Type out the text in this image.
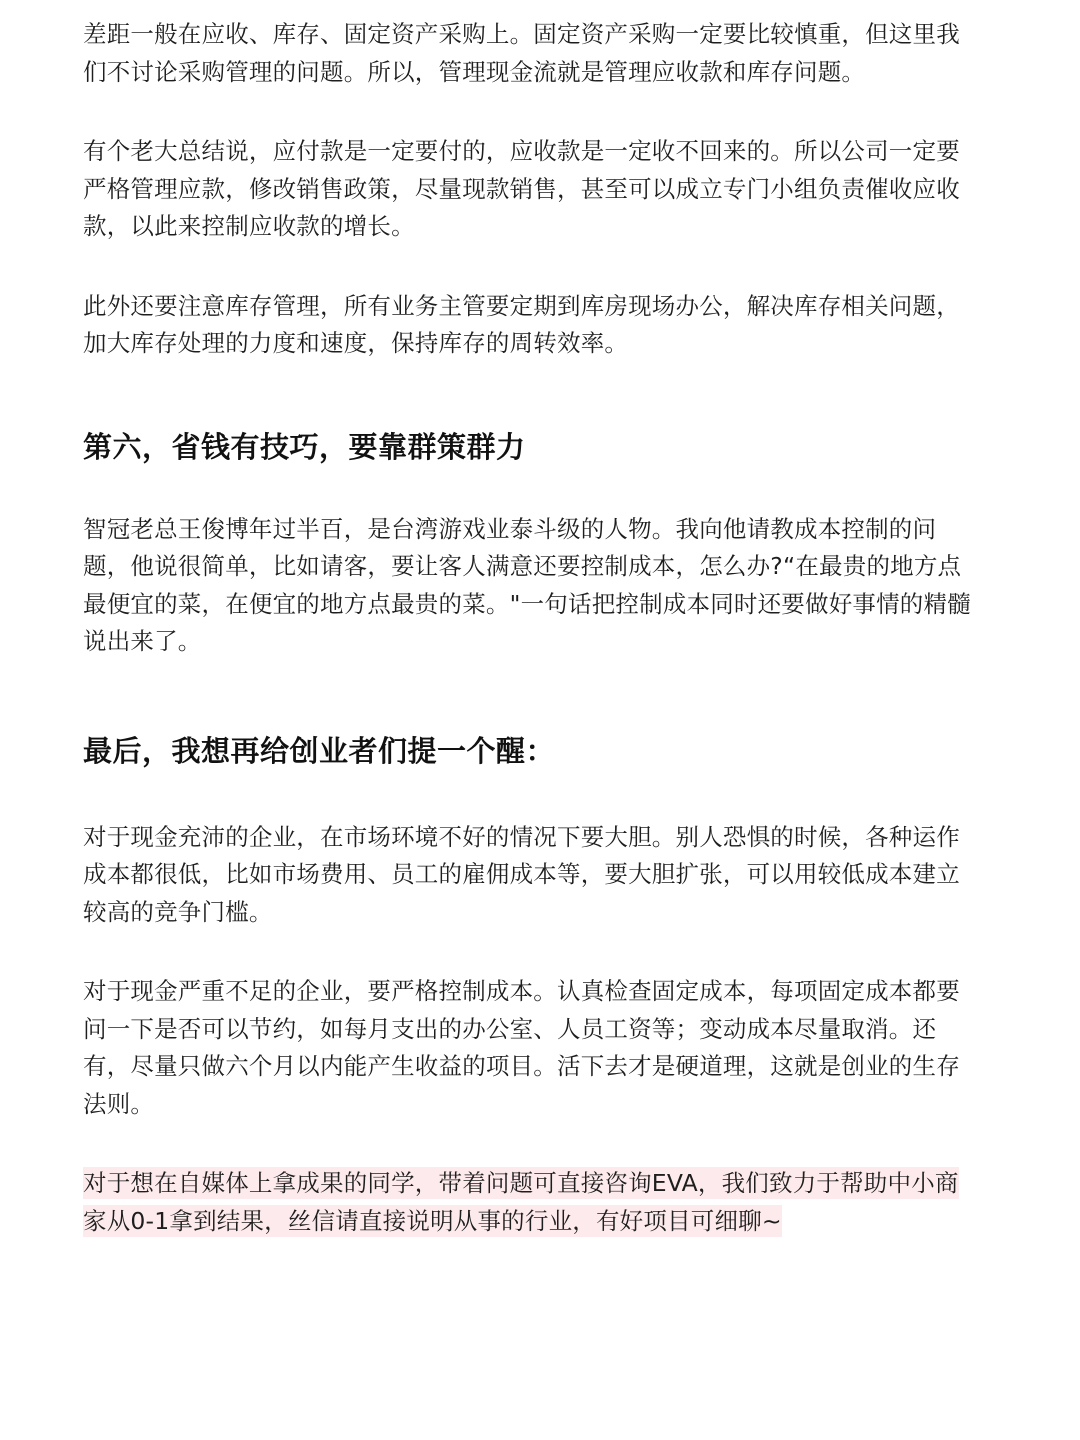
差距一般在应收、库存、固定资产采购上。固定资产采购一定要比较慎重，但这里我
们不讨论采购管理的问题。所以，管理现金流就是管理应收款和库存问题。

有个老大总结说，应付款是一定要付的，应收款是一定收不回来的。所以公司一定要
严格管理应款，修改销售政策，尽量现款销售，甚至可以成立专门小组负责催收应收
款，以此来控制应收款的增长。

此外还要注意库存管理，所有业务主管要定期到库房现场办公，解决库存相关问题，
加大库存处理的力度和速度，保持库存的周转效率。

第六，省钱有技巧，要靠群策群力

智冠老总王俊博年过半百，是台湾游戏业泰斗级的人物。我向他请教成本控制的问
题，他说很简单，比如请客，要让客人满意还要控制成本，怎么办?“在最贵的地方点
最便宜的菜，在便宜的地方点最贵的菜。"一句话把控制成本同时还要做好事情的精髓
说出来了。

最后，我想再给创业者们提一个醒：

对于现金充沛的企业，在市场环境不好的情况下要大胆。别人恐惧的时候，各种运作
成本都很低，比如市场费用、员工的雇佣成本等，要大胆扩张，可以用较低成本建立
较高的竞争门槛。

对于现金严重不足的企业，要严格控制成本。认真检查固定成本，每项固定成本都要
问一下是否可以节约，如每月支出的办公室、人员工资等；变动成本尽量取消。还
有，尽量只做六个月以内能产生收益的项目。活下去才是硬道理，这就是创业的生存
法则。

对于想在自媒体上拿成果的同学，带着问题可直接咨询EVA，我们致力于帮助中小商
家从0-1拿到结果，丝信请直接说明从事的行业，有好项目可细聊~
